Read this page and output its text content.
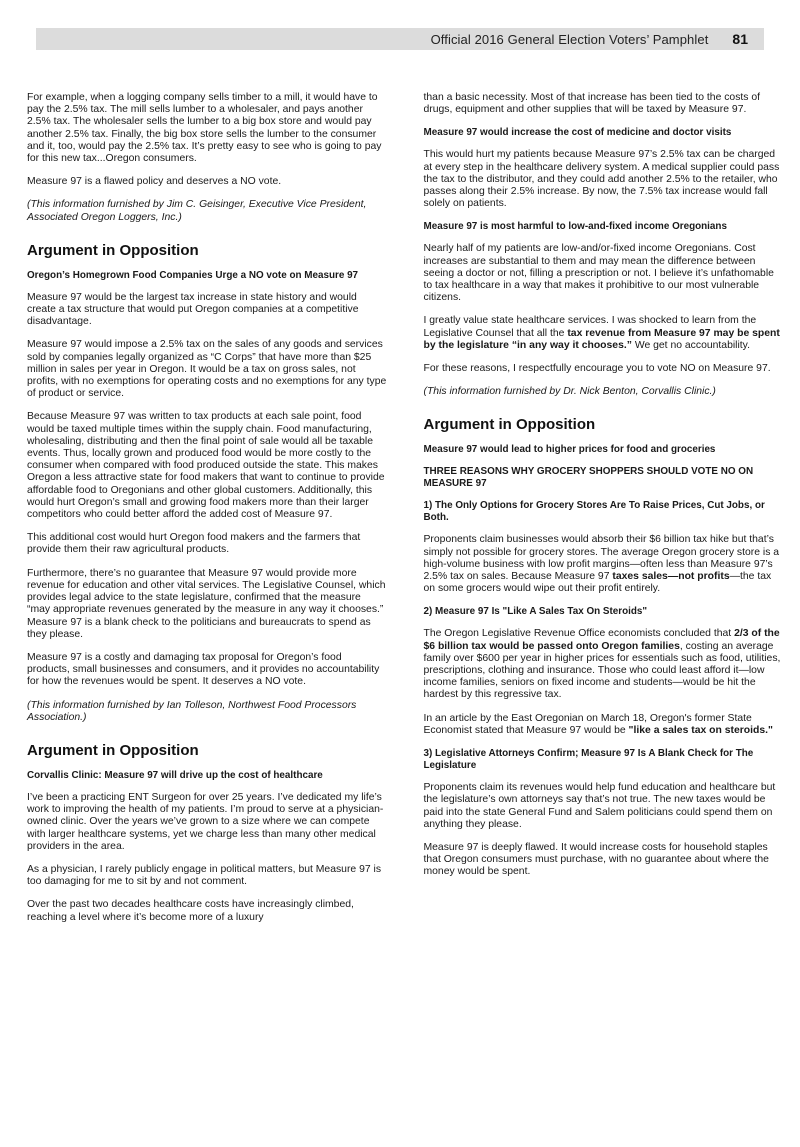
Official 2016 General Election Voters’ Pamphlet 81

For example, when a logging company sells timber to a mill, it would have to pay the 2.5% tax. The mill sells lumber to a wholesaler, and pays another 2.5% tax. The wholesaler sells the lumber to a big box store and would pay another 2.5% tax. Finally, the big box store sells the lumber to the consumer and it, too, would pay the 2.5% tax. It’s pretty easy to see who is going to pay for this new tax...Oregon consumers.

Measure 97 is a flawed policy and deserves a NO vote.

(This information furnished by Jim C. Geisinger, Executive Vice President, Associated Oregon Loggers, Inc.)

Argument in Opposition

Oregon’s Homegrown Food Companies Urge a NO vote on Measure 97

Measure 97 would be the largest tax increase in state history and would create a tax structure that would put Oregon companies at a competitive disadvantage.

Measure 97 would impose a 2.5% tax on the sales of any goods and services sold by companies legally organized as “C Corps” that have more than $25 million in sales per year in Oregon. It would be a tax on gross sales, not profits, with no exemptions for operating costs and no exemptions for any type of product or service.

Because Measure 97 was written to tax products at each sale point, food would be taxed multiple times within the supply chain. Food manufacturing, wholesaling, distributing and then the final point of sale would all be taxable events. Thus, locally grown and produced food would be more costly to the consumer when compared with food produced outside the state. This makes Oregon a less attractive state for food makers that want to continue to provide affordable food to Oregonians and other global customers. Additionally, this would hurt Oregon’s small and growing food makers more than their larger competitors who could better afford the added cost of Measure 97.

This additional cost would hurt Oregon food makers and the farmers that provide them their raw agricultural products.

Furthermore, there’s no guarantee that Measure 97 would provide more revenue for education and other vital services. The Legislative Counsel, which provides legal advice to the state legislature, confirmed that the measure “may appropriate revenues generated by the measure in any way it chooses.” Measure 97 is a blank check to the politicians and bureaucrats to spend as they please.

Measure 97 is a costly and damaging tax proposal for Oregon’s food products, small businesses and consumers, and it provides no accountability for how the revenues would be spent. It deserves a NO vote.

(This information furnished by Ian Tolleson, Northwest Food Processors Association.)

Argument in Opposition

Corvallis Clinic: Measure 97 will drive up the cost of healthcare

I’ve been a practicing ENT Surgeon for over 25 years. I’ve dedicated my life’s work to improving the health of my patients. I’m proud to serve at a physician-owned clinic. Over the years we’ve grown to a size where we can compete with larger healthcare systems, yet we charge less than many other medical providers in the area.

As a physician, I rarely publicly engage in political matters, but Measure 97 is too damaging for me to sit by and not comment.

Over the past two decades healthcare costs have increasingly climbed, reaching a level where it’s become more of a luxury

than a basic necessity. Most of that increase has been tied to the costs of drugs, equipment and other supplies that will be taxed by Measure 97.

Measure 97 would increase the cost of medicine and doctor visits

This would hurt my patients because Measure 97’s 2.5% tax can be charged at every step in the healthcare delivery system. A medical supplier could pass the tax to the distributor, and they could add another 2.5% to the retailer, who passes along their 2.5% increase. By now, the 7.5% tax increase would fall solely on patients.

Measure 97 is most harmful to low-and-fixed income Oregonians

Nearly half of my patients are low-and/or-fixed income Oregonians. Cost increases are substantial to them and may mean the difference between seeing a doctor or not, filling a prescription or not. I believe it’s unfathomable to tax healthcare in a way that makes it prohibitive to our most vulnerable citizens.

I greatly value state healthcare services. I was shocked to learn from the Legislative Counsel that all the tax revenue from Measure 97 may be spent by the legislature “in any way it chooses.” We get no accountability.

For these reasons, I respectfully encourage you to vote NO on Measure 97.

(This information furnished by Dr. Nick Benton, Corvallis Clinic.)

Argument in Opposition

Measure 97 would lead to higher prices for food and groceries

THREE REASONS WHY GROCERY SHOPPERS SHOULD VOTE NO ON MEASURE 97

1) The Only Options for Grocery Stores Are To Raise Prices, Cut Jobs, or Both.

Proponents claim businesses would absorb their $6 billion tax hike but that’s simply not possible for grocery stores. The average Oregon grocery store is a high-volume business with low profit margins—often less than Measure 97’s 2.5% tax on sales. Because Measure 97 taxes sales—not profits—the tax on some grocers would wipe out their profit entirely.

2) Measure 97 Is "Like A Sales Tax On Steroids"

The Oregon Legislative Revenue Office economists concluded that 2/3 of the $6 billion tax would be passed onto Oregon families, costing an average family over $600 per year in higher prices for essentials such as food, utilities, prescriptions, clothing and insurance. Those who could least afford it—low income families, seniors on fixed income and students—would be hit the hardest by this regressive tax.

In an article by the East Oregonian on March 18, Oregon's former State Economist stated that Measure 97 would be "like a sales tax on steroids."

3) Legislative Attorneys Confirm; Measure 97 Is A Blank Check for The Legislature

Proponents claim its revenues would help fund education and healthcare but the legislature’s own attorneys say that’s not true. The new taxes would be paid into the state General Fund and Salem politicians could spend them on anything they please.

Measure 97 is deeply flawed. It would increase costs for household staples that Oregon consumers must purchase, with no guarantee about where the money would be spent.
